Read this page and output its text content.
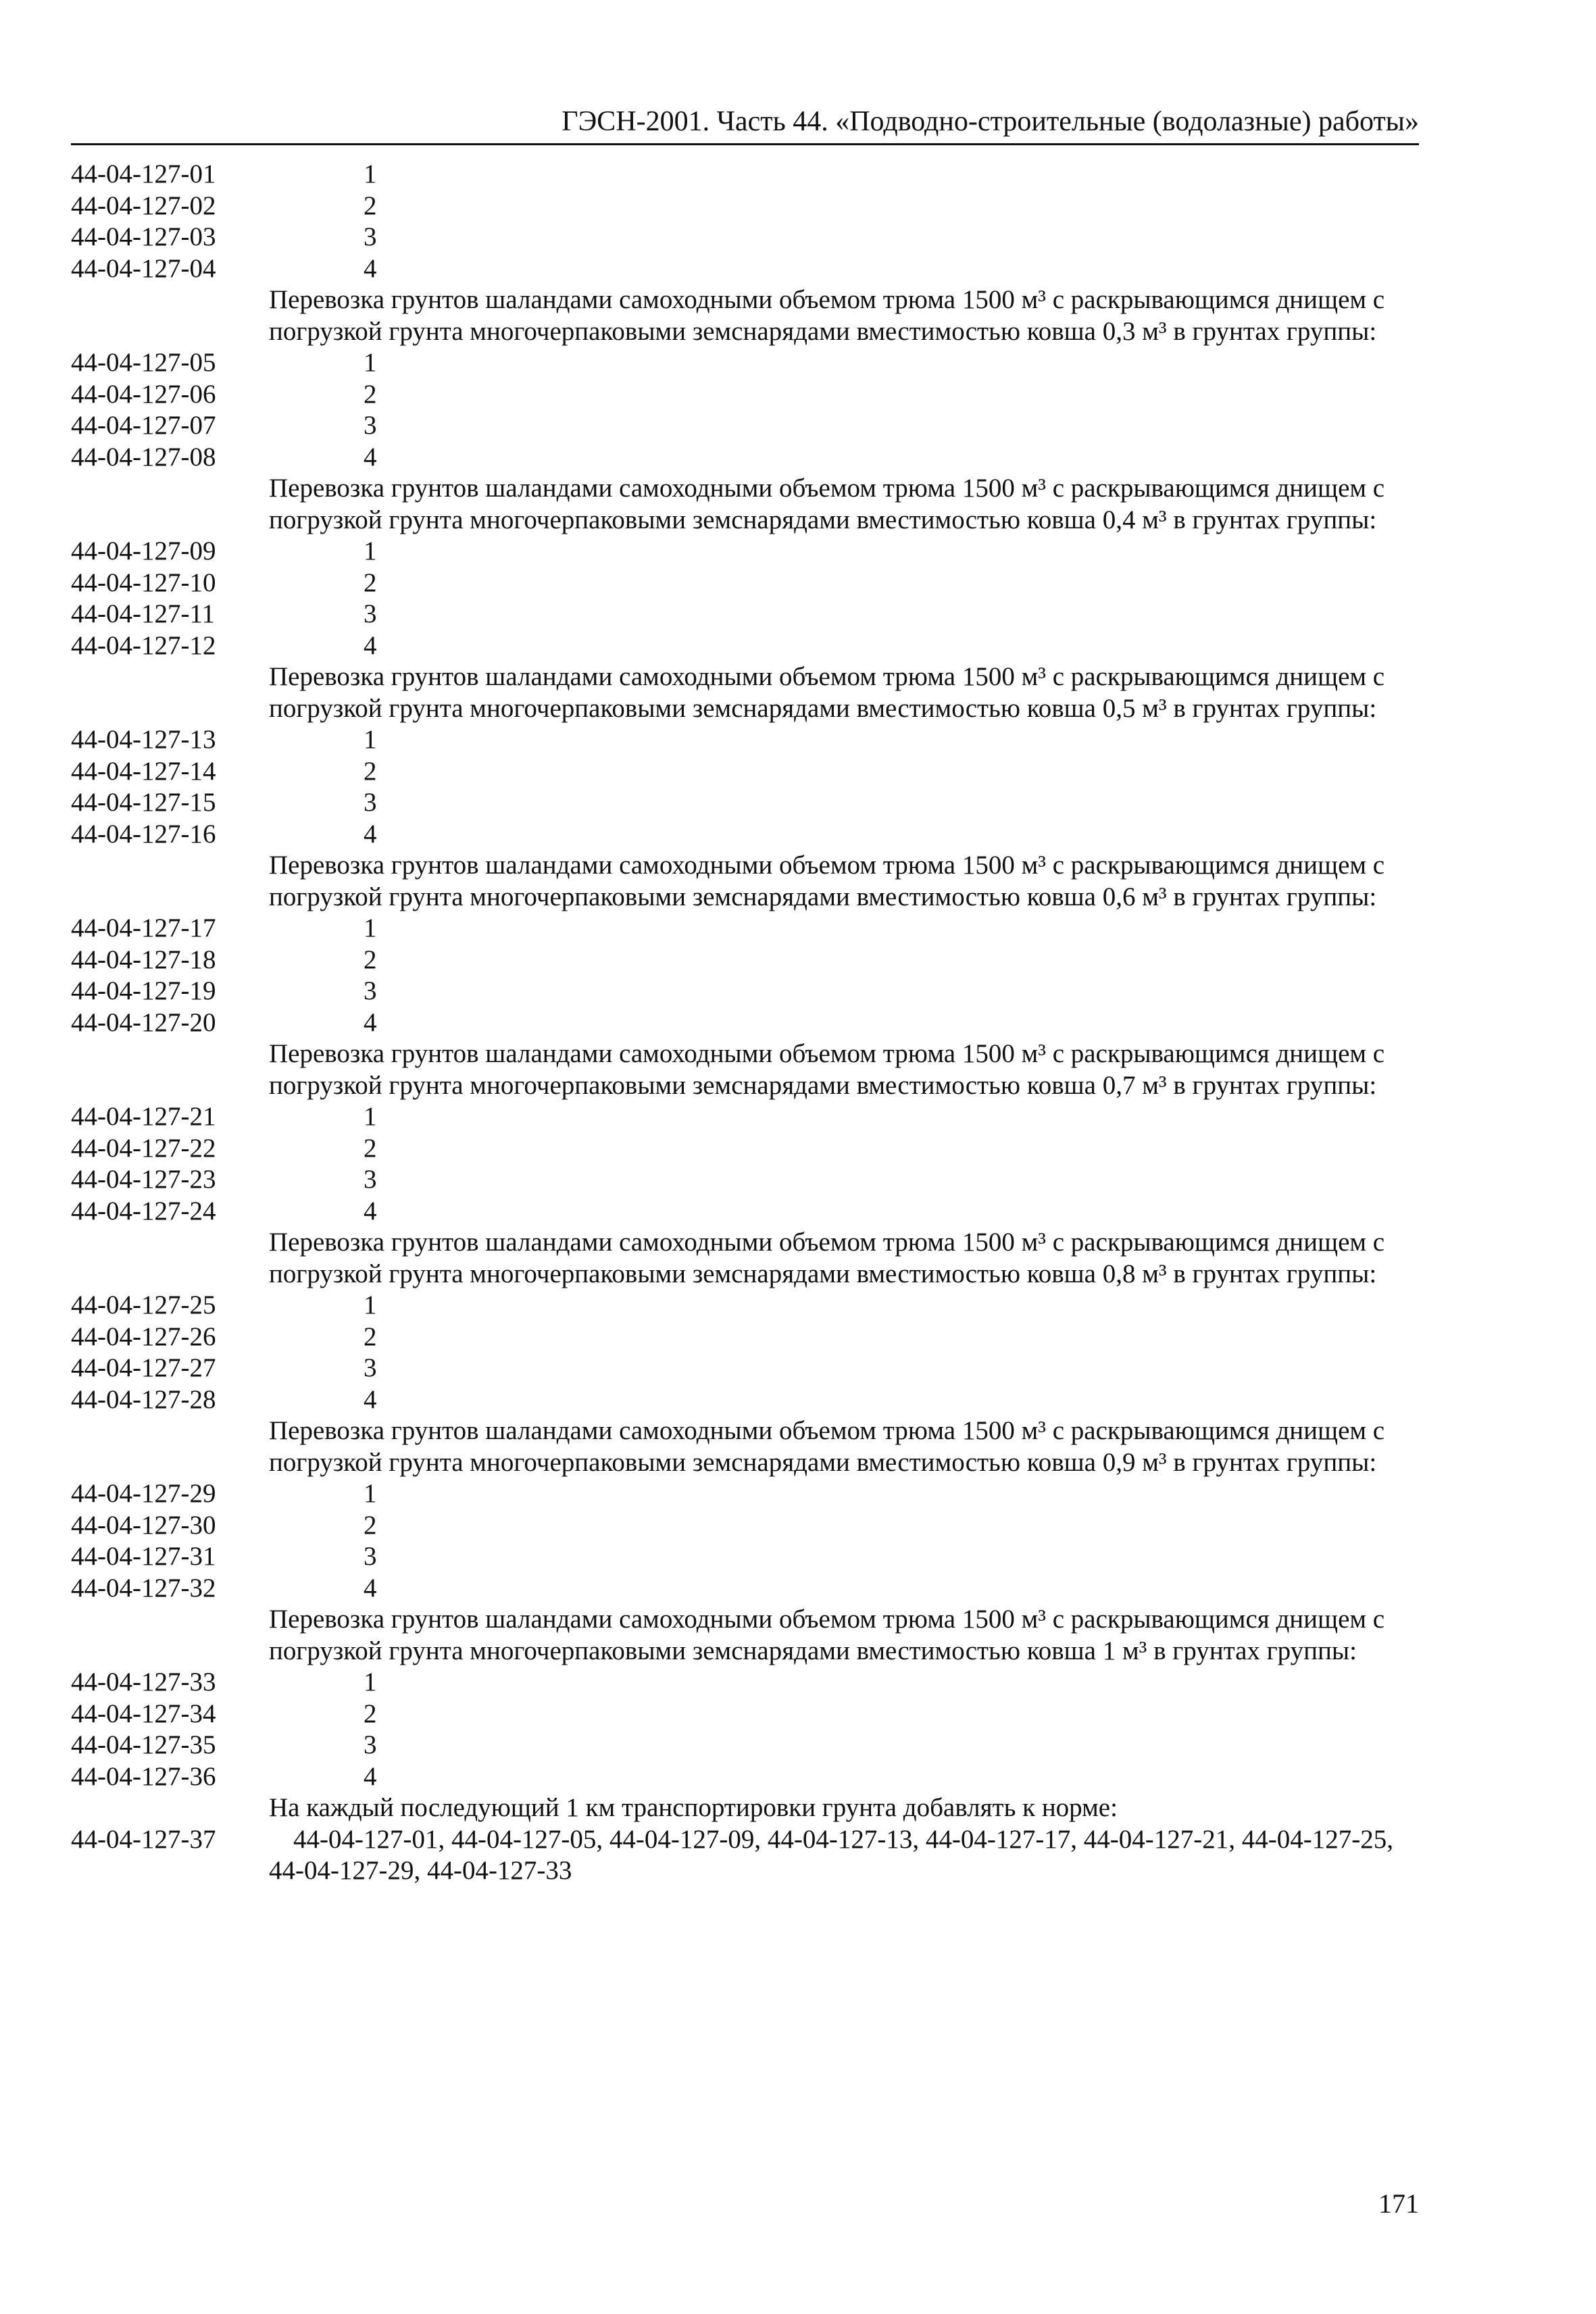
ГЭСН-2001. Часть 44. «Подводно-строительные (водолазные) работы»
44-04-127-01	1
44-04-127-02	2
44-04-127-03	3
44-04-127-04	4
Перевозка грунтов шаландами самоходными объемом трюма 1500 м³ с раскрывающимся днищем с погрузкой грунта многочерпаковыми земснарядами вместимостью ковша 0,3 м³ в грунтах группы:
44-04-127-05	1
44-04-127-06	2
44-04-127-07	3
44-04-127-08	4
Перевозка грунтов шаландами самоходными объемом трюма 1500 м³ с раскрывающимся днищем с погрузкой грунта многочерпаковыми земснарядами вместимостью ковша 0,4 м³ в грунтах группы:
44-04-127-09	1
44-04-127-10	2
44-04-127-11	3
44-04-127-12	4
Перевозка грунтов шаландами самоходными объемом трюма 1500 м³ с раскрывающимся днищем с погрузкой грунта многочерпаковыми земснарядами вместимостью ковша 0,5 м³ в грунтах группы:
44-04-127-13	1
44-04-127-14	2
44-04-127-15	3
44-04-127-16	4
Перевозка грунтов шаландами самоходными объемом трюма 1500 м³ с раскрывающимся днищем с погрузкой грунта многочерпаковыми земснарядами вместимостью ковша 0,6 м³ в грунтах группы:
44-04-127-17	1
44-04-127-18	2
44-04-127-19	3
44-04-127-20	4
Перевозка грунтов шаландами самоходными объемом трюма 1500 м³ с раскрывающимся днищем с погрузкой грунта многочерпаковыми земснарядами вместимостью ковша 0,7 м³ в грунтах группы:
44-04-127-21	1
44-04-127-22	2
44-04-127-23	3
44-04-127-24	4
Перевозка грунтов шаландами самоходными объемом трюма 1500 м³ с раскрывающимся днищем с погрузкой грунта многочерпаковыми земснарядами вместимостью ковша 0,8 м³ в грунтах группы:
44-04-127-25	1
44-04-127-26	2
44-04-127-27	3
44-04-127-28	4
Перевозка грунтов шаландами самоходными объемом трюма 1500 м³ с раскрывающимся днищем с погрузкой грунта многочерпаковыми земснарядами вместимостью ковша 0,9 м³ в грунтах группы:
44-04-127-29	1
44-04-127-30	2
44-04-127-31	3
44-04-127-32	4
Перевозка грунтов шаландами самоходными объемом трюма 1500 м³ с раскрывающимся днищем с погрузкой грунта многочерпаковыми земснарядами вместимостью ковша 1 м³ в грунтах группы:
44-04-127-33	1
44-04-127-34	2
44-04-127-35	3
44-04-127-36	4
На каждый последующий 1 км транспортировки грунта добавлять к норме:
44-04-127-37	44-04-127-01, 44-04-127-05, 44-04-127-09, 44-04-127-13, 44-04-127-17, 44-04-127-21, 44-04-127-25, 44-04-127-29, 44-04-127-33
171
